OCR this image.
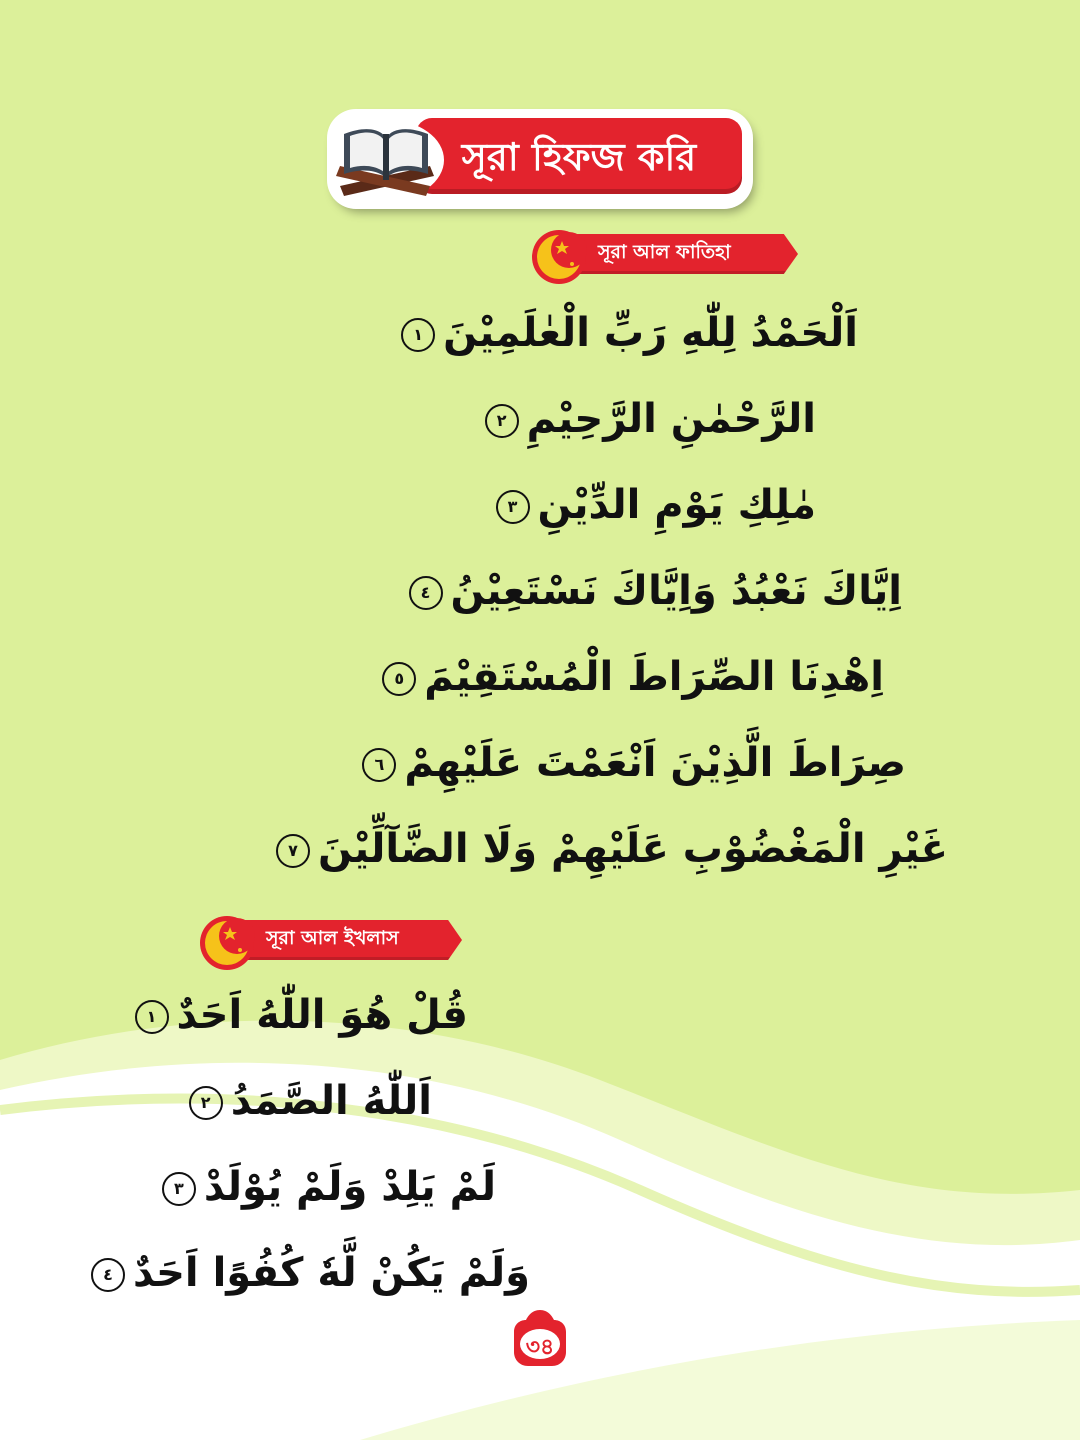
সূরা হিফজ করি
সূরা আল ফাতিহা
اَلْحَمْدُ لِلّٰهِ رَبِّ الْعٰلَمِيْنَ١
الرَّحْمٰنِ الرَّحِيْمِ٢
مٰلِكِ يَوْمِ الدِّيْنِ٣
اِيَّاكَ نَعْبُدُ وَاِيَّاكَ نَسْتَعِيْنُ٤
اِهْدِنَا الصِّرَاطَ الْمُسْتَقِيْمَ٥
صِرَاطَ الَّذِيْنَ اَنْعَمْتَ عَلَيْهِمْ٦
غَيْرِ الْمَغْضُوْبِ عَلَيْهِمْ وَلَا الضَّآلِّيْنَ٧
সূরা আল ইখলাস
قُلْ هُوَ اللّٰهُ اَحَدٌ١
اَللّٰهُ الصَّمَدُ٢
لَمْ يَلِدْ وَلَمْ يُوْلَدْ٣
وَلَمْ يَكُنْ لَّهٗ كُفُوًا اَحَدٌ٤
৩৪
